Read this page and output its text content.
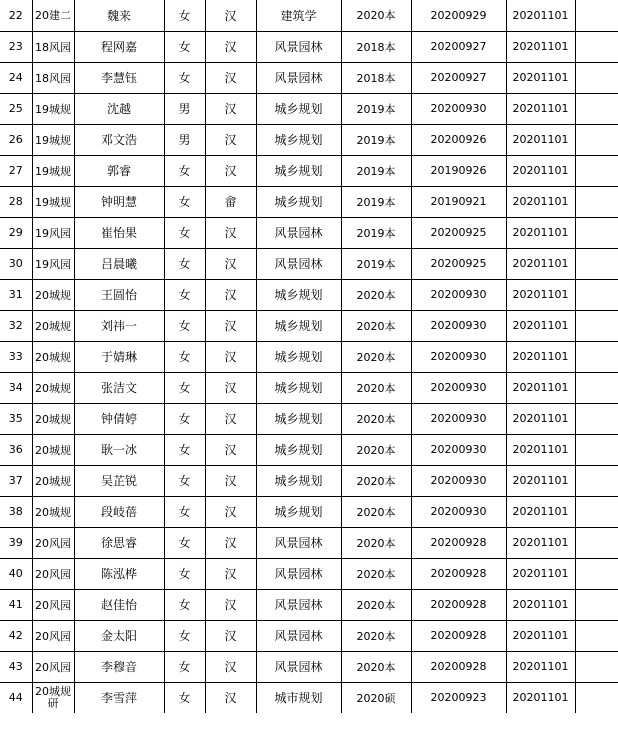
22	20建二	魏来	女	汉	建筑学	2020本	20200929	20201101	
23	18风园	程网嘉	女	汉	风景园林	2018本	20200927	20201101	
24	18风园	李慧钰	女	汉	风景园林	2018本	20200927	20201101	
25	19城规	沈越	男	汉	城乡规划	2019本	20200930	20201101	
26	19城规	邓文浩	男	汉	城乡规划	2019本	20200926	20201101	
27	19城规	郭睿	女	汉	城乡规划	2019本	20190926	20201101	
28	19城规	钟明慧	女	畲	城乡规划	2019本	20190921	20201101	
29	19风园	崔怡果	女	汉	风景园林	2019本	20200925	20201101	
30	19风园	吕晨曦	女	汉	风景园林	2019本	20200925	20201101	
31	20城规	王圆怡	女	汉	城乡规划	2020本	20200930	20201101	
32	20城规	刘祎一	女	汉	城乡规划	2020本	20200930	20201101	
33	20城规	于婧琳	女	汉	城乡规划	2020本	20200930	20201101	
34	20城规	张洁文	女	汉	城乡规划	2020本	20200930	20201101	
35	20城规	钟倩婷	女	汉	城乡规划	2020本	20200930	20201101	
36	20城规	耿一冰	女	汉	城乡规划	2020本	20200930	20201101	
37	20城规	吴芷锐	女	汉	城乡规划	2020本	20200930	20201101	
38	20城规	段岐蓓	女	汉	城乡规划	2020本	20200930	20201101	
39	20风园	徐思睿	女	汉	风景园林	2020本	20200928	20201101	
40	20风园	陈泓桦	女	汉	风景园林	2020本	20200928	20201101	
41	20风园	赵佳怡	女	汉	风景园林	2020本	20200928	20201101	
42	20风园	金太阳	女	汉	风景园林	2020本	20200928	20201101	
43	20风园	李穆音	女	汉	风景园林	2020本	20200928	20201101	
44	20城规研	李雪萍	女	汉	城市规划	2020硕	20200923	20201101	
